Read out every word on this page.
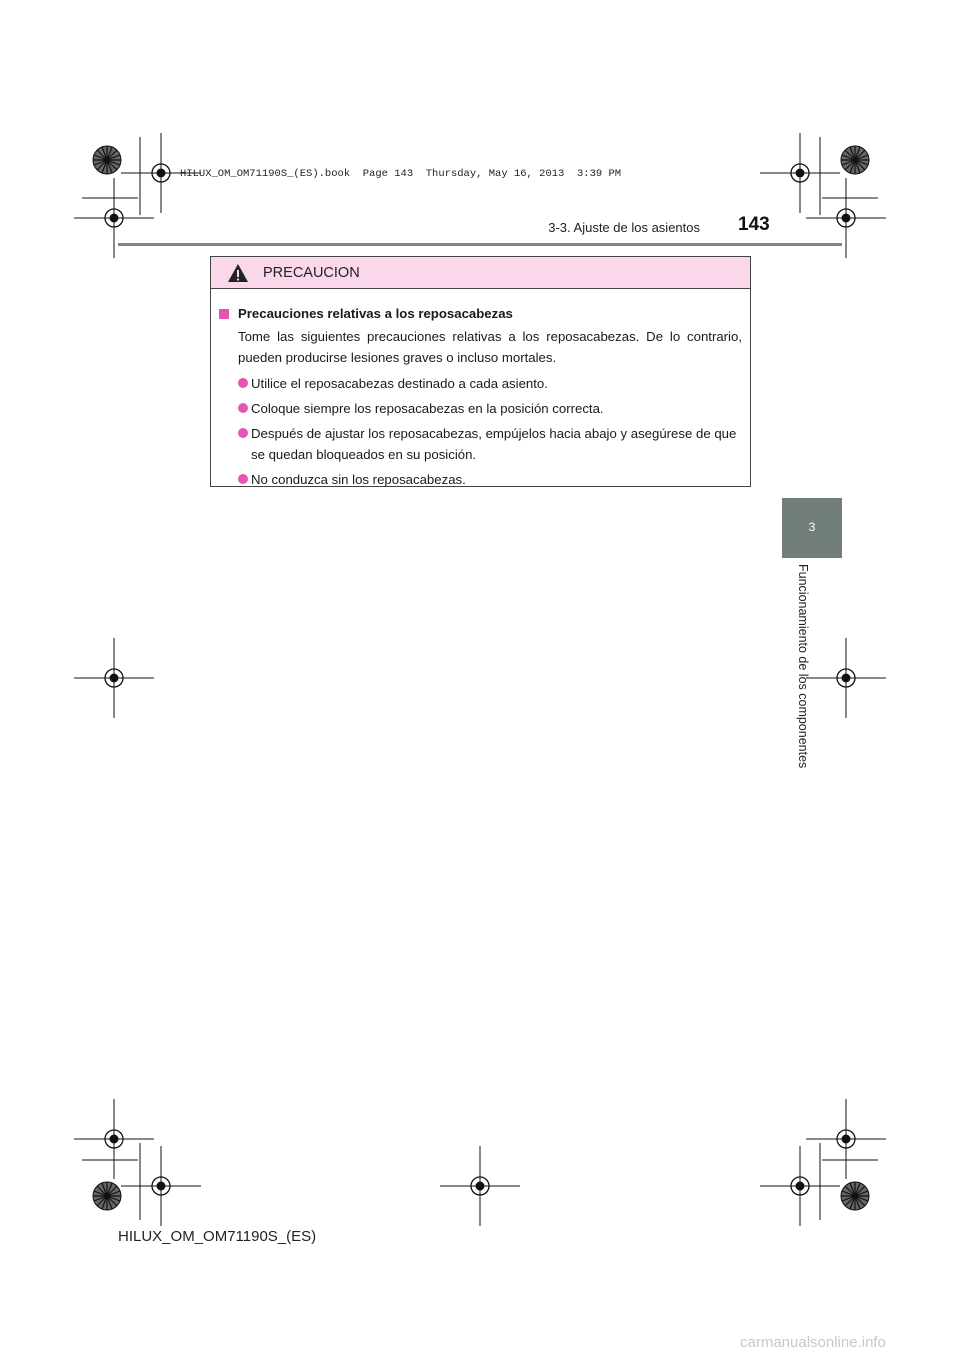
HILUX_OM_OM71190S_(ES).book  Page 143  Thursday, May 16, 2013  3:39 PM
3-3. Ajuste de los asientos 143
3
Funcionamiento de los componentes
PRECAUCION
Precauciones relativas a los reposacabezas

Tome las siguientes precauciones relativas a los reposacabezas. De lo contrario, pueden producirse lesiones graves o incluso mortales.

Utilice el reposacabezas destinado a cada asiento.
Coloque siempre los reposacabezas en la posición correcta.
Después de ajustar los reposacabezas, empújelos hacia abajo y asegúrese de que se quedan bloqueados en su posición.
No conduzca sin los reposacabezas.
HILUX_OM_OM71190S_(ES)
carmanualsonline.info
